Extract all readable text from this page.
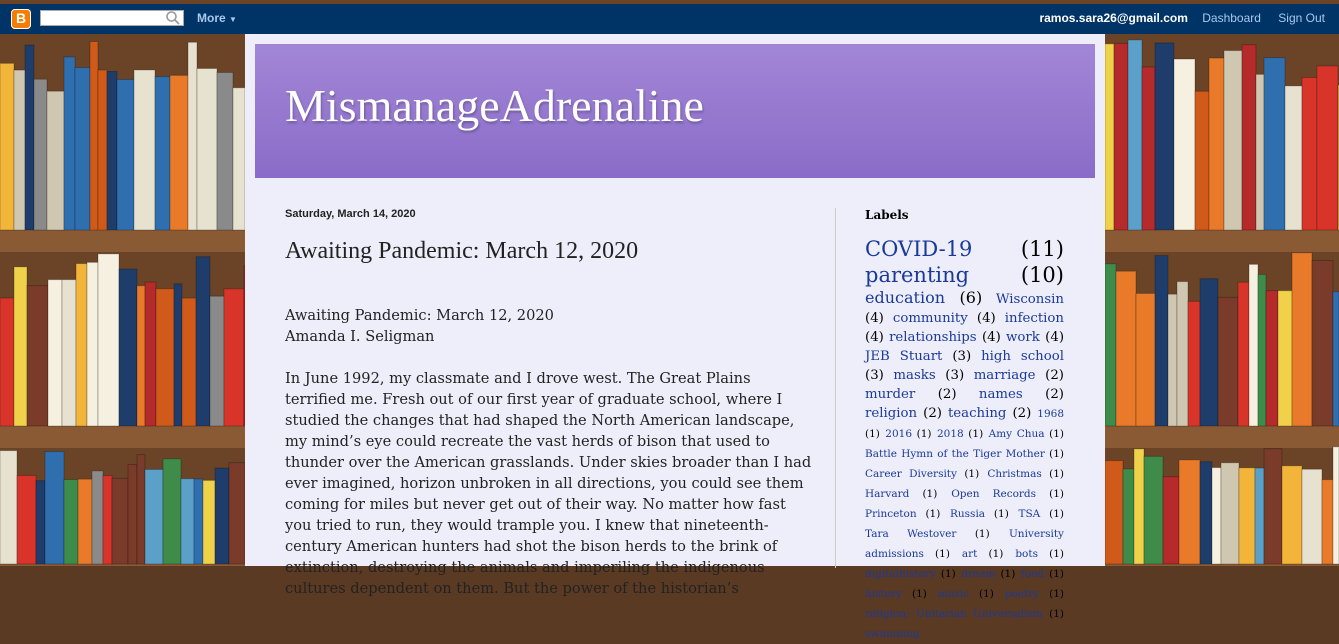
B	More ▼	ramos.sara26@gmail.com Dashboard Sign Out
MismanageAdrenaline
Saturday, March 14, 2020
Awaiting Pandemic: March 12, 2020

Awaiting Pandemic: March 12, 2020
Amanda I. Seligman

In June 1992, my classmate and I drove west. The Great Plains terrified me. Fresh out of our first year of graduate school, where I studied the changes that had shaped the North American landscape, my mind’s eye could recreate the vast herds of bison that used to thunder over the American grasslands. Under skies broader than I had ever imagined, horizon unbroken in all directions, you could see them coming for miles but never get out of their way. No matter how fast you tried to run, they would trample you. I knew that nineteenth-century American hunters had shot the bison herds to the brink of extinction, destroying the animals and imperiling the indigenous cultures dependent on them. But the power of the historian’s

Labels
COVID-19 (11) parenting (10) education (6) Wisconsin (4) community (4) infection (4) relationships (4) work (4) JEB Stuart (3) high school (3) masks (3) marriage (2) murder (2) names (2) religion (2) teaching (2) 1968 (1) 2016 (1) 2018 (1) Amy Chua (1) Battle Hymn of the Tiger Mother (1) Career Diversity (1) Christmas (1) Harvard (1) Open Records (1) Princeton (1) Russia (1) TSA (1) Tara Westover (1) University admissions (1) art (1) bots (1) digitalhistory (1) dream (1) food (1) history (1) music (1) poetry (1) religion; Unitarian Universalism (1) swimming
